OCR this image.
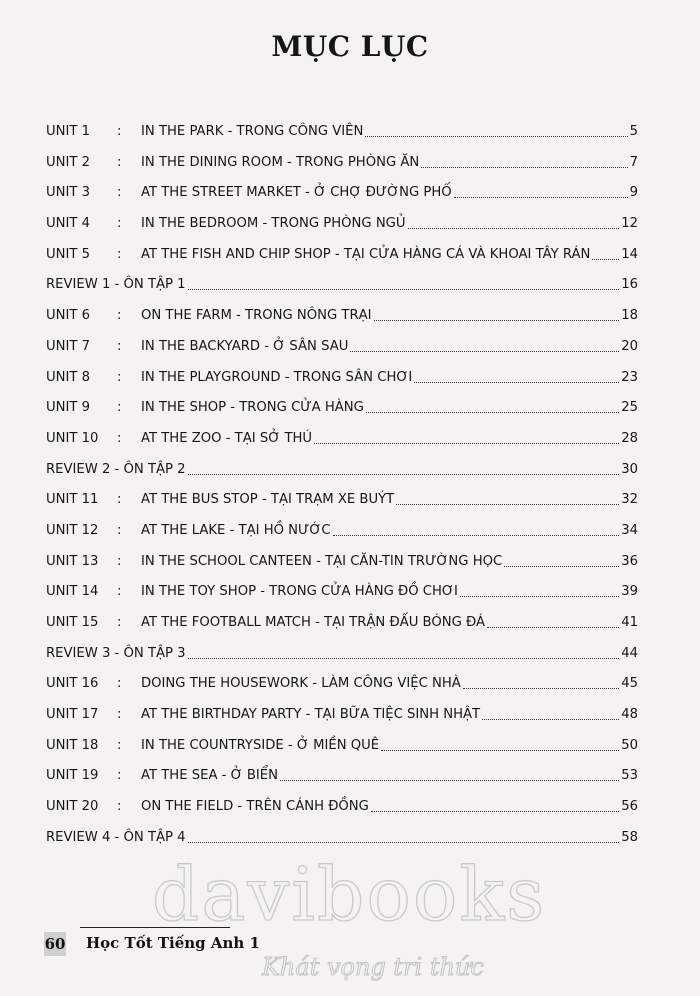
MỤC LỤC
UNIT 1	:	IN THE PARK - TRONG CÔNG VIÊN	5
UNIT 2	:	IN THE DINING ROOM - TRONG PHÒNG ĂN	7
UNIT 3	:	AT THE STREET MARKET - Ở CHỢ ĐƯỜNG PHỐ	9
UNIT 4	:	IN THE BEDROOM - TRONG PHÒNG NGỦ	12
UNIT 5	:	AT THE FISH AND CHIP SHOP - TẠI CỬA HÀNG CÁ VÀ KHOAI TÂY RÁN 14
REVIEW 1 - ÔN TẬP 1	16
UNIT 6	:	ON THE FARM - TRONG NÔNG TRẠI	18
UNIT 7	:	IN THE BACKYARD - Ở SÂN SAU	20
UNIT 8	:	IN THE PLAYGROUND - TRONG SÂN CHƠI	23
UNIT 9	:	IN THE SHOP - TRONG CỬA HÀNG	25
UNIT 10	:	AT THE ZOO - TẠI SỞ THÚ	28
REVIEW 2 - ÔN TẬP 2	30
UNIT 11	:	AT THE BUS STOP - TẠI TRẠM XE BUÝT	32
UNIT 12	:	AT THE LAKE - TẠI HỒ NƯỚC	34
UNIT 13	:	IN THE SCHOOL CANTEEN - TẠI CĂN-TIN TRƯỜNG HỌC	36
UNIT 14	:	IN THE TOY SHOP - TRONG CỬA HÀNG ĐỒ CHƠI	39
UNIT 15	:	AT THE FOOTBALL MATCH - TẠI TRẬN ĐẤU BÓNG ĐÁ	41
REVIEW 3 - ÔN TẬP 3	44
UNIT 16	:	DOING THE HOUSEWORK - LÀM CÔNG VIỆC NHÀ	45
UNIT 17	:	AT THE BIRTHDAY PARTY - TẠI BỮA TIỆC SINH NHẬT	48
UNIT 18	:	IN THE COUNTRYSIDE - Ở MIỀN QUÊ	50
UNIT 19	:	AT THE SEA - Ở BIỂN	53
UNIT 20	:	ON THE FIELD - TRÊN CÁNH ĐỒNG	56
REVIEW 4 - ÔN TẬP 4	58
60 Học Tốt Tiếng Anh 1
davibooks
Khát vọng tri thức
